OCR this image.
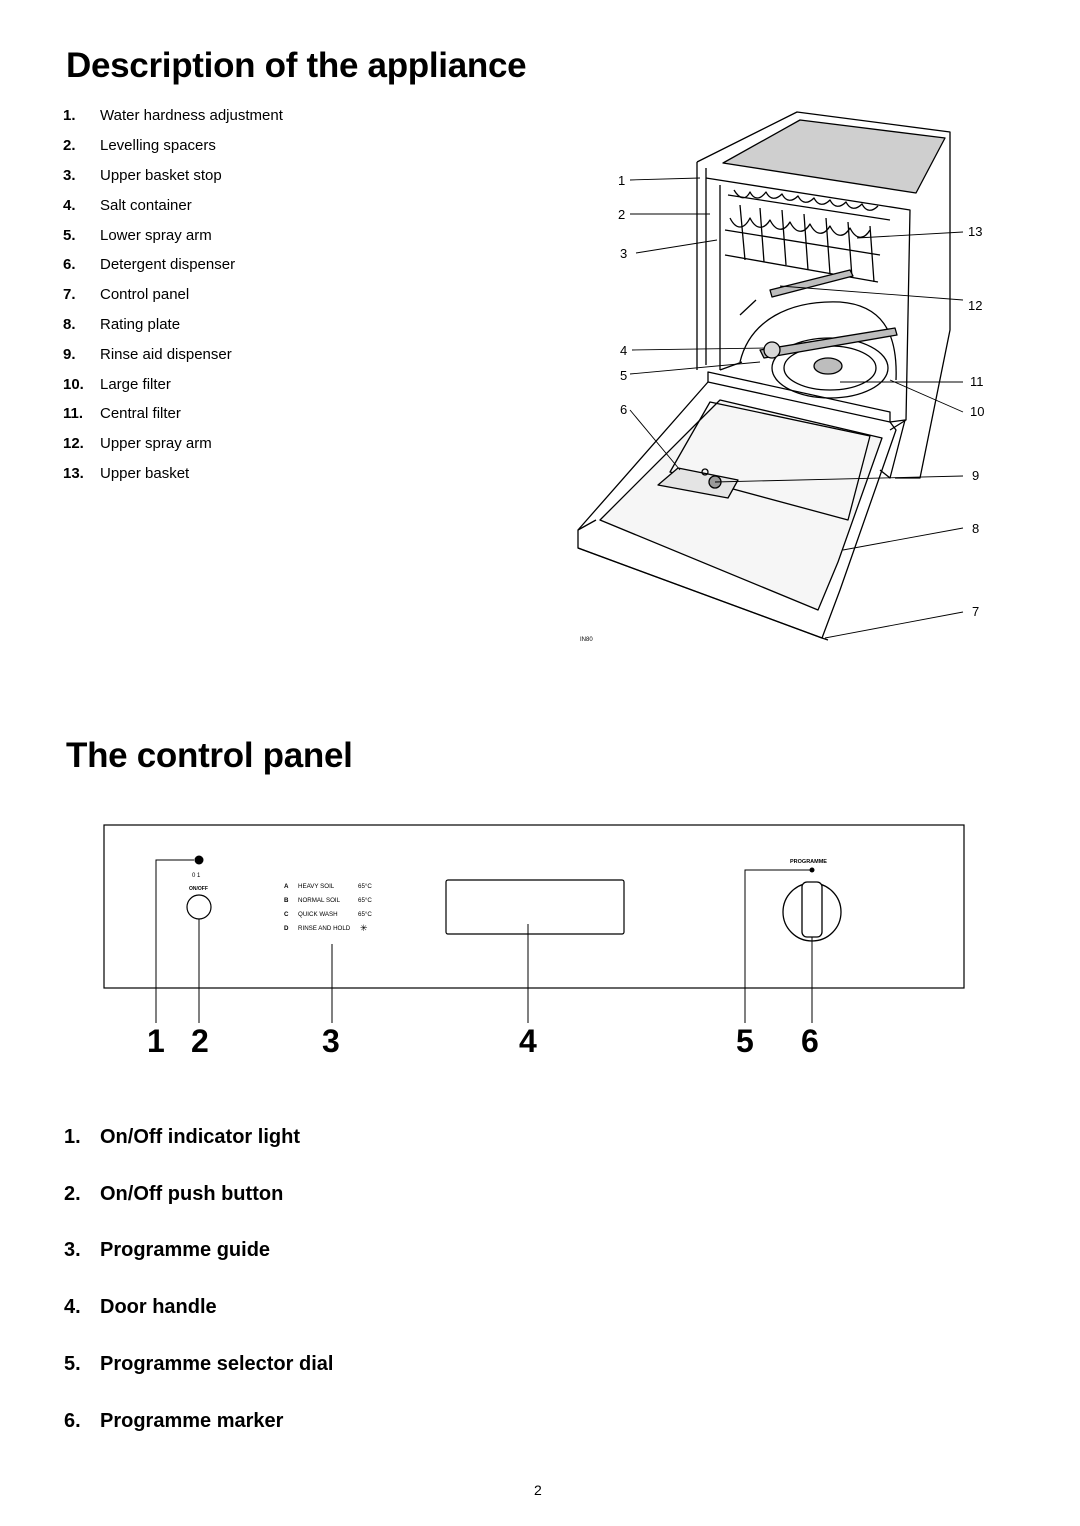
Description of the appliance
1.	Water hardness adjustment
2.	Levelling spacers
3.	Upper basket stop
4.	Salt container
5.	Lower spray arm
6.	Detergent dispenser
7.	Control panel
8.	Rating plate
9.	Rinse aid dispenser
10.	Large filter
11.	Central filter
12.	Upper spray arm
13.	Upper basket
1
2
3
4
5
6
13
12
11
10
9
8
7
IN80
The control panel
0 1
ON/OFF	A HEAVY SOIL	65°C
B NORMAL SOIL	65°C
C QUICK WASH	65°C
D RINSE AND HOLD ✳
PROGRAMME
1 2	3	4	5 6
1. On/Off indicator light
2. On/Off push button
3. Programme guide
4. Door handle
5. Programme selector dial
6. Programme marker
2
